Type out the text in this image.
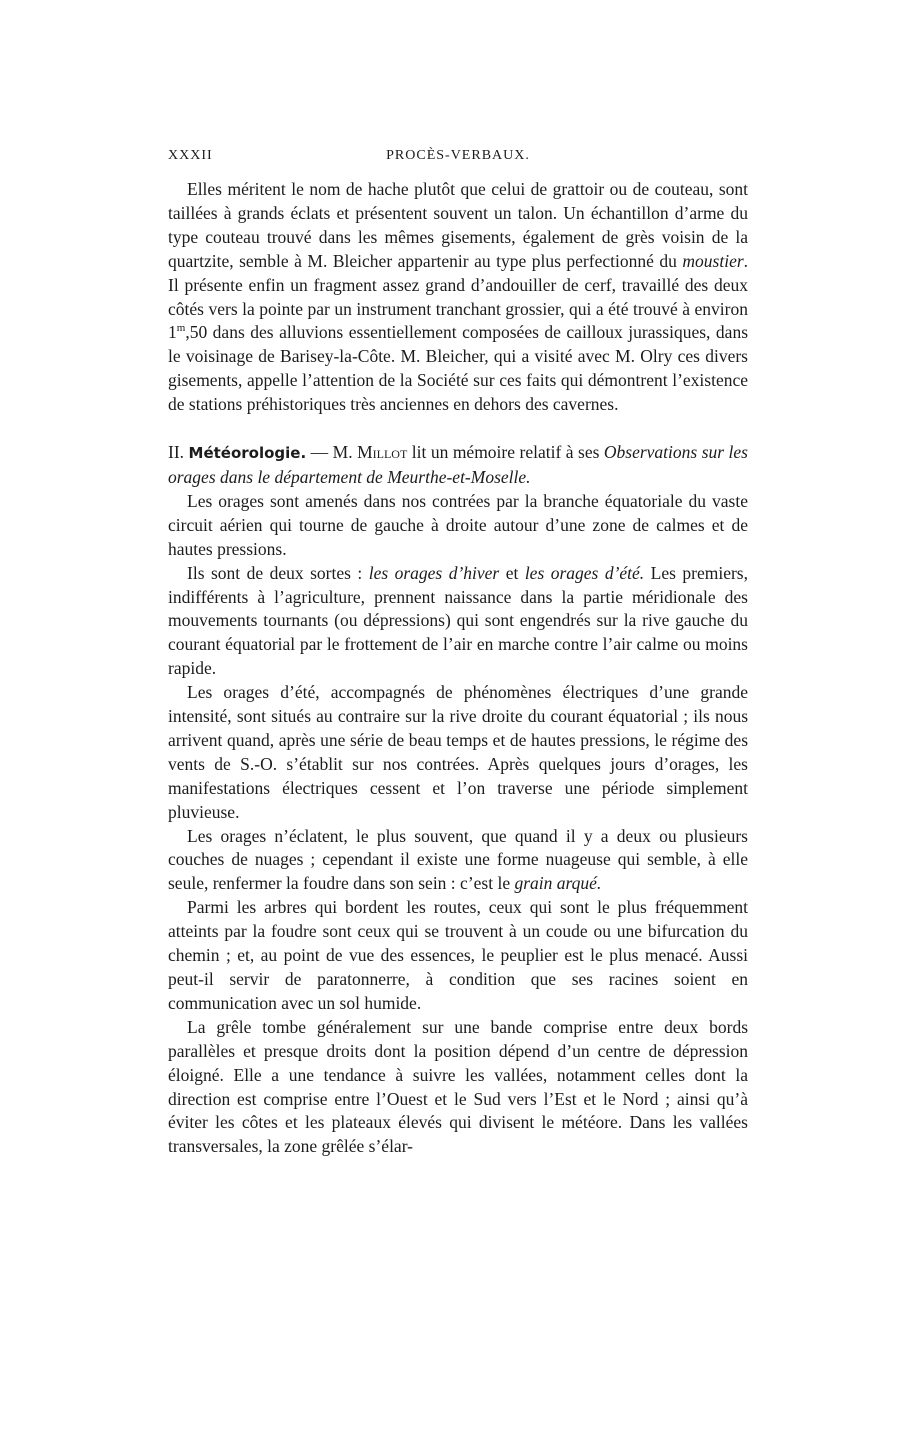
XXXII	PROCÈS-VERBAUX.

Elles méritent le nom de hache plutôt que celui de grattoir ou de couteau, sont taillées à grands éclats et présentent souvent un talon. Un échantillon d’arme du type couteau trouvé dans les mêmes gisements, également de grès voisin de la quartzite, semble à M. Bleicher appartenir au type plus perfectionné du moustier. Il présente enfin un fragment assez grand d’andouiller de cerf, travaillé des deux côtés vers la pointe par un instrument tranchant grossier, qui a été trouvé à environ 1$^m$,50 dans des alluvions essentiellement composées de cailloux jurassiques, dans le voisinage de Barisey-la-Côte. M. Bleicher, qui a visité avec M. Olry ces divers gisements, appelle l’attention de la Société sur ces faits qui démontrent l’existence de stations préhistoriques très anciennes en dehors des cavernes.

II. Météorologie. — M. Millot lit un mémoire relatif à ses Observations sur les orages dans le département de Meurthe-et-Moselle.

Les orages sont amenés dans nos contrées par la branche équatoriale du vaste circuit aérien qui tourne de gauche à droite autour d’une zone de calmes et de hautes pressions.

Ils sont de deux sortes : les orages d’hiver et les orages d’été. Les premiers, indifférents à l’agriculture, prennent naissance dans la partie méridionale des mouvements tournants (ou dépressions) qui sont engendrés sur la rive gauche du courant équatorial par le frottement de l’air en marche contre l’air calme ou moins rapide.

Les orages d’été, accompagnés de phénomènes électriques d’une grande intensité, sont situés au contraire sur la rive droite du courant équatorial ; ils nous arrivent quand, après une série de beau temps et de hautes pressions, le régime des vents de S.-O. s’établit sur nos contrées. Après quelques jours d’orages, les manifestations électriques cessent et l’on traverse une période simplement pluvieuse.

Les orages n’éclatent, le plus souvent, que quand il y a deux ou plusieurs couches de nuages ; cependant il existe une forme nuageuse qui semble, à elle seule, renfermer la foudre dans son sein : c’est le grain arqué.

Parmi les arbres qui bordent les routes, ceux qui sont le plus fréquemment atteints par la foudre sont ceux qui se trouvent à un coude ou une bifurcation du chemin ; et, au point de vue des essences, le peuplier est le plus menacé. Aussi peut-il servir de paratonnerre, à condition que ses racines soient en communication avec un sol humide.

La grêle tombe généralement sur une bande comprise entre deux bords parallèles et presque droits dont la position dépend d’un centre de dépression éloigné. Elle a une tendance à suivre les vallées, notamment celles dont la direction est comprise entre l’Ouest et le Sud vers l’Est et le Nord ; ainsi qu’à éviter les côtes et les plateaux élevés qui divisent le météore. Dans les vallées transversales, la zone grêlée s’élar-
